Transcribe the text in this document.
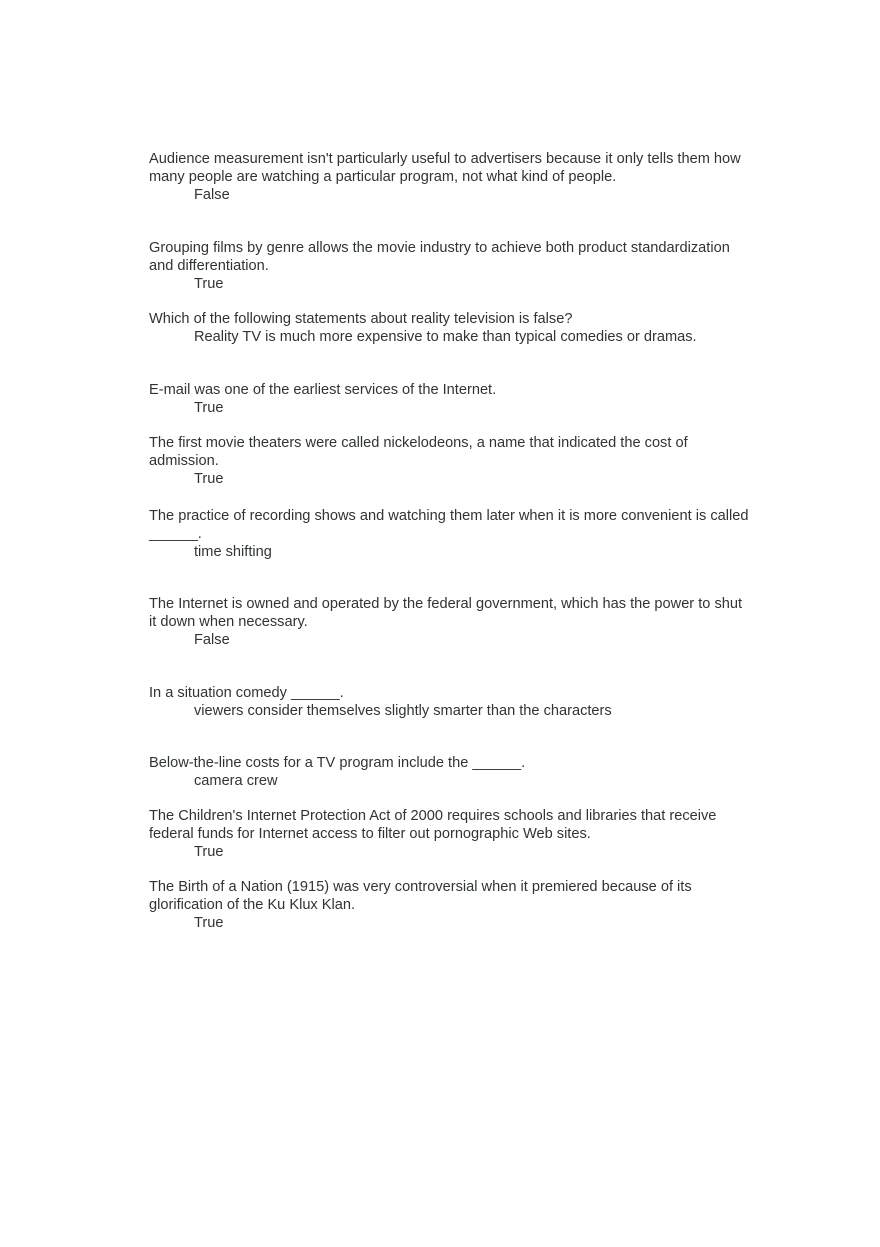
Audience measurement isn't particularly useful to advertisers because it only tells them how many people are watching a particular program, not what kind of people.

False

Grouping films by genre allows the movie industry to achieve both product standardization and differentiation.

True

Which of the following statements about reality television is false?

Reality TV is much more expensive to make than typical comedies or dramas.

E-mail was one of the earliest services of the Internet.

True

The first movie theaters were called nickelodeons, a name that indicated the cost of admission.

True

The practice of recording shows and watching them later when it is more convenient is called ______.

time shifting

The Internet is owned and operated by the federal government, which has the power to shut it down when necessary.

False

In a situation comedy ______.

viewers consider themselves slightly smarter than the characters

Below-the-line costs for a TV program include the ______.

camera crew

The Children's Internet Protection Act of 2000 requires schools and libraries that receive federal funds for Internet access to filter out pornographic Web sites.

True

The Birth of a Nation (1915) was very controversial when it premiered because of its glorification of the Ku Klux Klan.

True
